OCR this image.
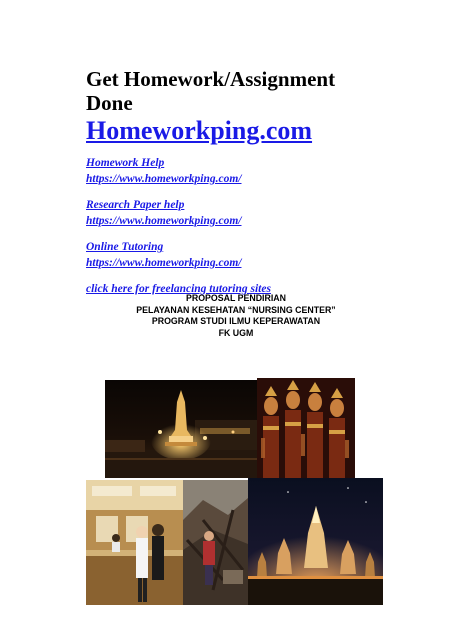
Get Homework/Assignment Done
Homeworkping.com
Homework Help
https://www.homeworkping.com/
Research Paper help
https://www.homeworkping.com/
Online Tutoring
https://www.homeworkping.com/
click here for freelancing tutoring sites
PROPOSAL PENDIRIAN
PELAYANAN KESEHATAN “NURSING CENTER”
PROGRAM STUDI ILMU KEPERAWATAN
FK UGM
